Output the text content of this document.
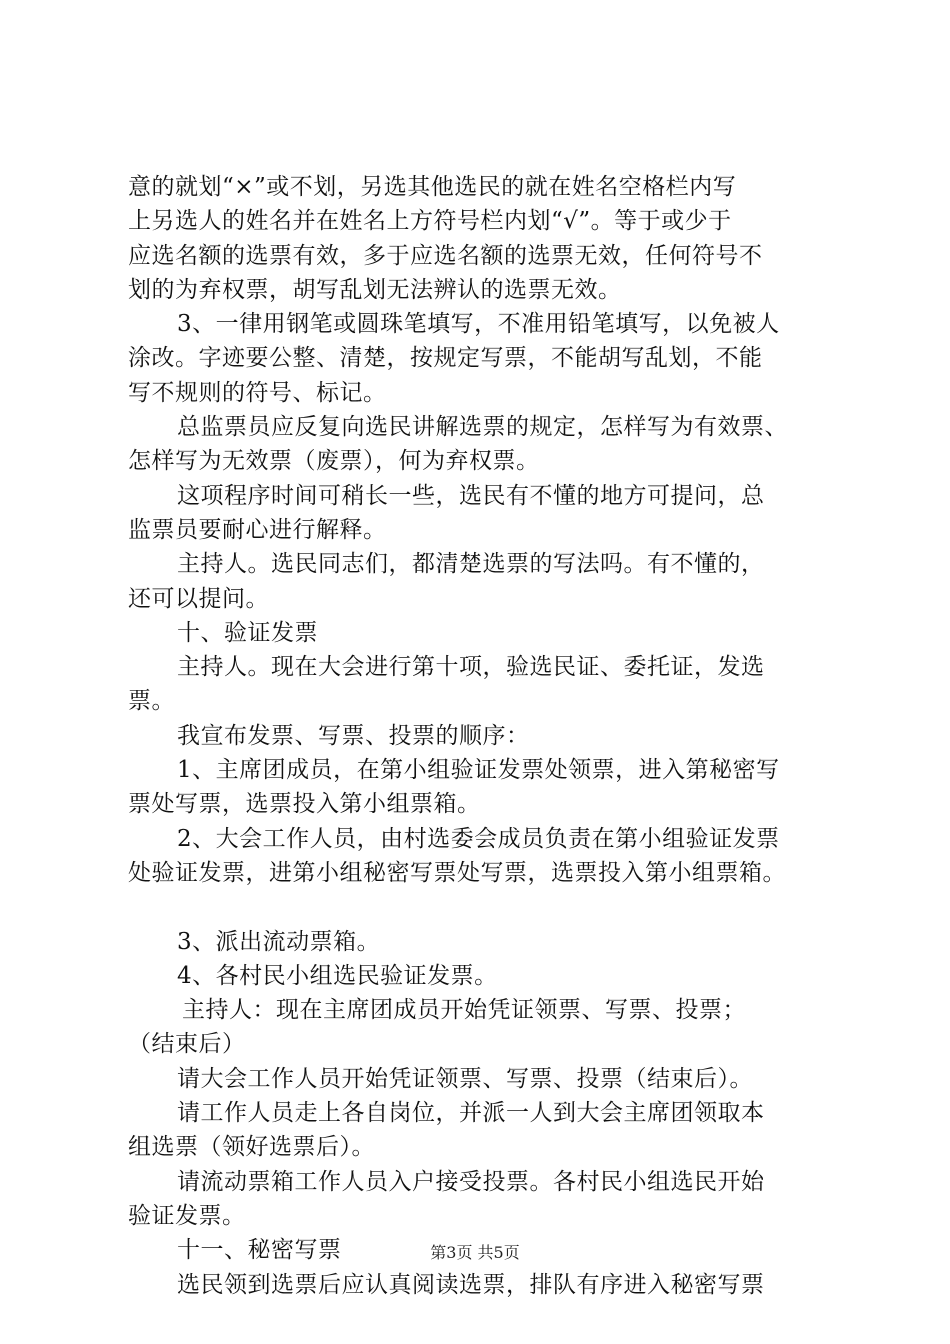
意的就划“×”或不划，另选其他选民的就在姓名空格栏内写
上另选人的姓名并在姓名上方符号栏内划“√”。等于或少于
应选名额的选票有效，多于应选名额的选票无效，任何符号不
划的为弃权票，胡写乱划无法辨认的选票无效。
3、一律用钢笔或圆珠笔填写，不准用铅笔填写，以免被人
涂改。字迹要公整、清楚，按规定写票，不能胡写乱划，不能
写不规则的符号、标记。
总监票员应反复向选民讲解选票的规定，怎样写为有效票、
怎样写为无效票（废票），何为弃权票。
这项程序时间可稍长一些，选民有不懂的地方可提问，总
监票员要耐心进行解释。
主持人。选民同志们，都清楚选票的写法吗。有不懂的，
还可以提问。
十、验证发票
主持人。现在大会进行第十项，验选民证、委托证，发选
票。
我宣布发票、写票、投票的顺序：
1、主席团成员，在第小组验证发票处领票，进入第秘密写
票处写票，选票投入第小组票箱。
2、大会工作人员，由村选委会成员负责在第小组验证发票
处验证发票，进第小组秘密写票处写票，选票投入第小组票箱。
3、派出流动票箱。
4、各村民小组选民验证发票。
主持人：现在主席团成员开始凭证领票、写票、投票；
（结束后）
请大会工作人员开始凭证领票、写票、投票（结束后）。
请工作人员走上各自岗位，并派一人到大会主席团领取本
组选票（领好选票后）。
请流动票箱工作人员入户接受投票。各村民小组选民开始
验证发票。
十一、秘密写票
选民领到选票后应认真阅读选票，排队有序进入秘密写票
第3页 共5页
